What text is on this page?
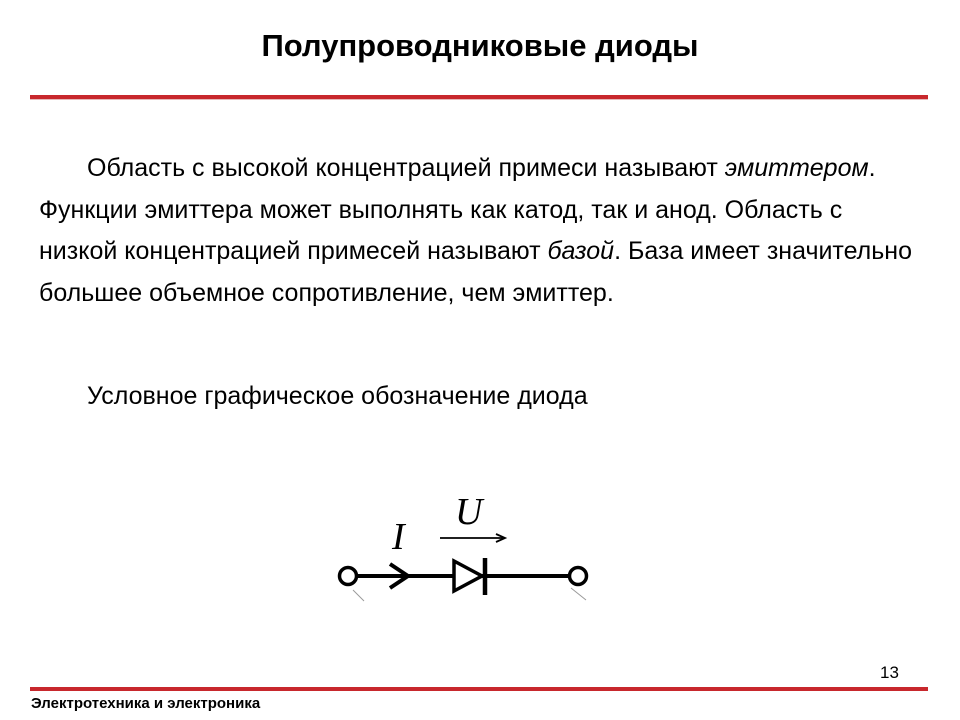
Полупроводниковые диоды

Область с высокой концентрацией примеси называют эмиттером. Функции эмиттера может выполнять как катод, так и анод. Область с низкой концентрацией примесей называют базой. База имеет значительно большее объемное сопротивление, чем эмиттер.

Условное графическое обозначение диода
I
U
13
Электротехника и электроника
